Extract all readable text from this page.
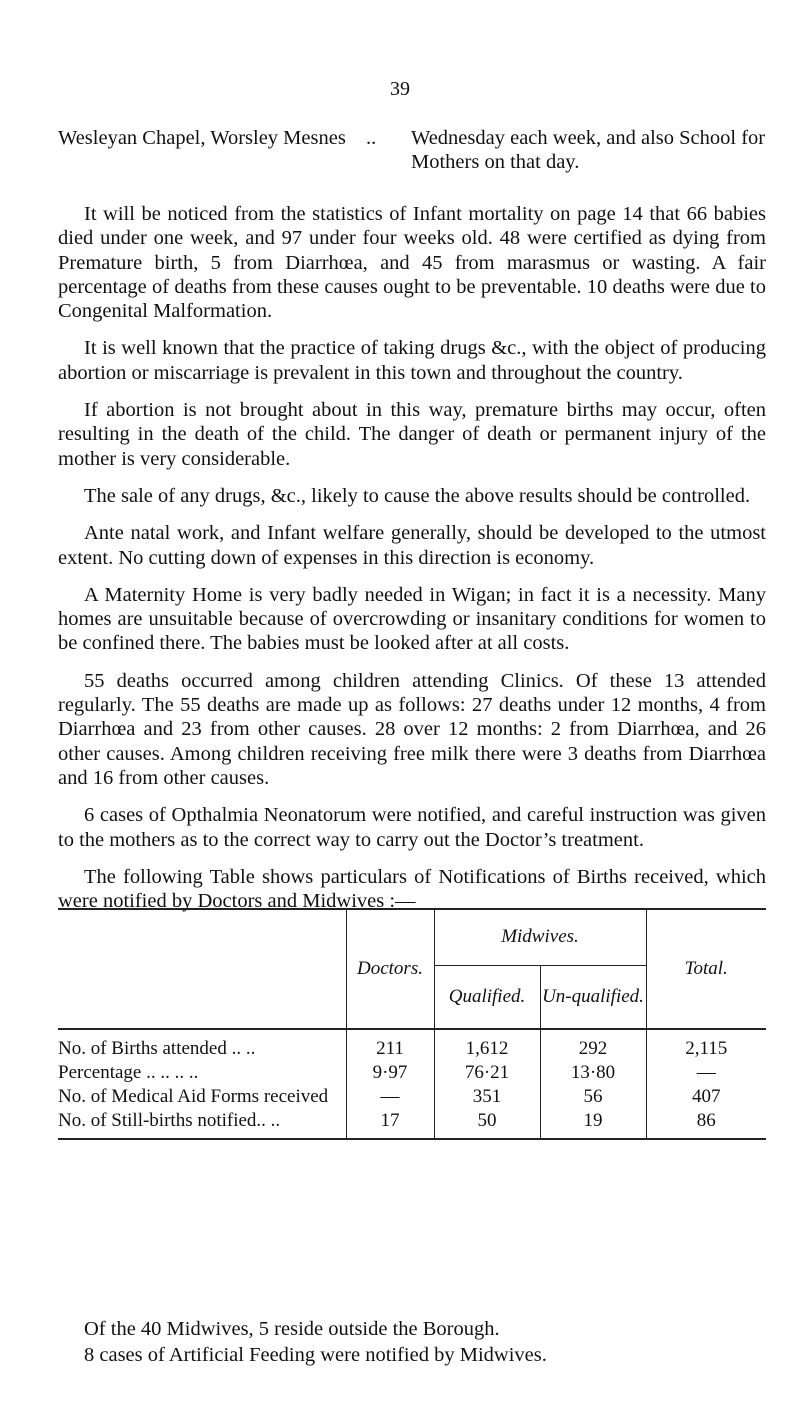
39
Wesleyan Chapel, Worsley Mesnes .. Wednesday each week, and also School for Mothers on that day.

It will be noticed from the statistics of Infant mortality on page 14 that 66 babies died under one week, and 97 under four weeks old. 48 were certified as dying from Premature birth, 5 from Diarrhœa, and 45 from marasmus or wasting. A fair percentage of deaths from these causes ought to be preventable. 10 deaths were due to Congenital Malformation.

It is well known that the practice of taking drugs &c., with the object of producing abortion or miscarriage is prevalent in this town and throughout the country.

If abortion is not brought about in this way, premature births may occur, often resulting in the death of the child. The danger of death or permanent injury of the mother is very considerable.

The sale of any drugs, &c., likely to cause the above results should be controlled.

Ante natal work, and Infant welfare generally, should be developed to the utmost extent. No cutting down of expenses in this direction is economy.

A Maternity Home is very badly needed in Wigan; in fact it is a necessity. Many homes are unsuitable because of overcrowding or insanitary conditions for women to be confined there. The babies must be looked after at all costs.

55 deaths occurred among children attending Clinics. Of these 13 attended regularly. The 55 deaths are made up as follows: 27 deaths under 12 months, 4 from Diarrhœa and 23 from other causes. 28 over 12 months: 2 from Diarrhœa, and 26 other causes. Among children receiving free milk there were 3 deaths from Diarrhœa and 16 from other causes.

6 cases of Opthalmia Neonatorum were notified, and careful instruction was given to the mothers as to the correct way to carry out the Doctor’s treatment.

The following Table shows particulars of Notifications of Births received, which were notified by Doctors and Midwives :—

	Doctors.	Midwives.		Total.
		Qualified.	Un-qualified.	
No. of Births attended .. ..	211	1,612	292	2,115
Percentage .. .. .. ..	9·97	76·21	13·80	—
No. of Medical Aid Forms received	—	351	56	407
No. of Still-births notified.. ..	17	50	19	86

Of the 40 Midwives, 5 reside outside the Borough.

8 cases of Artificial Feeding were notified by Midwives.
